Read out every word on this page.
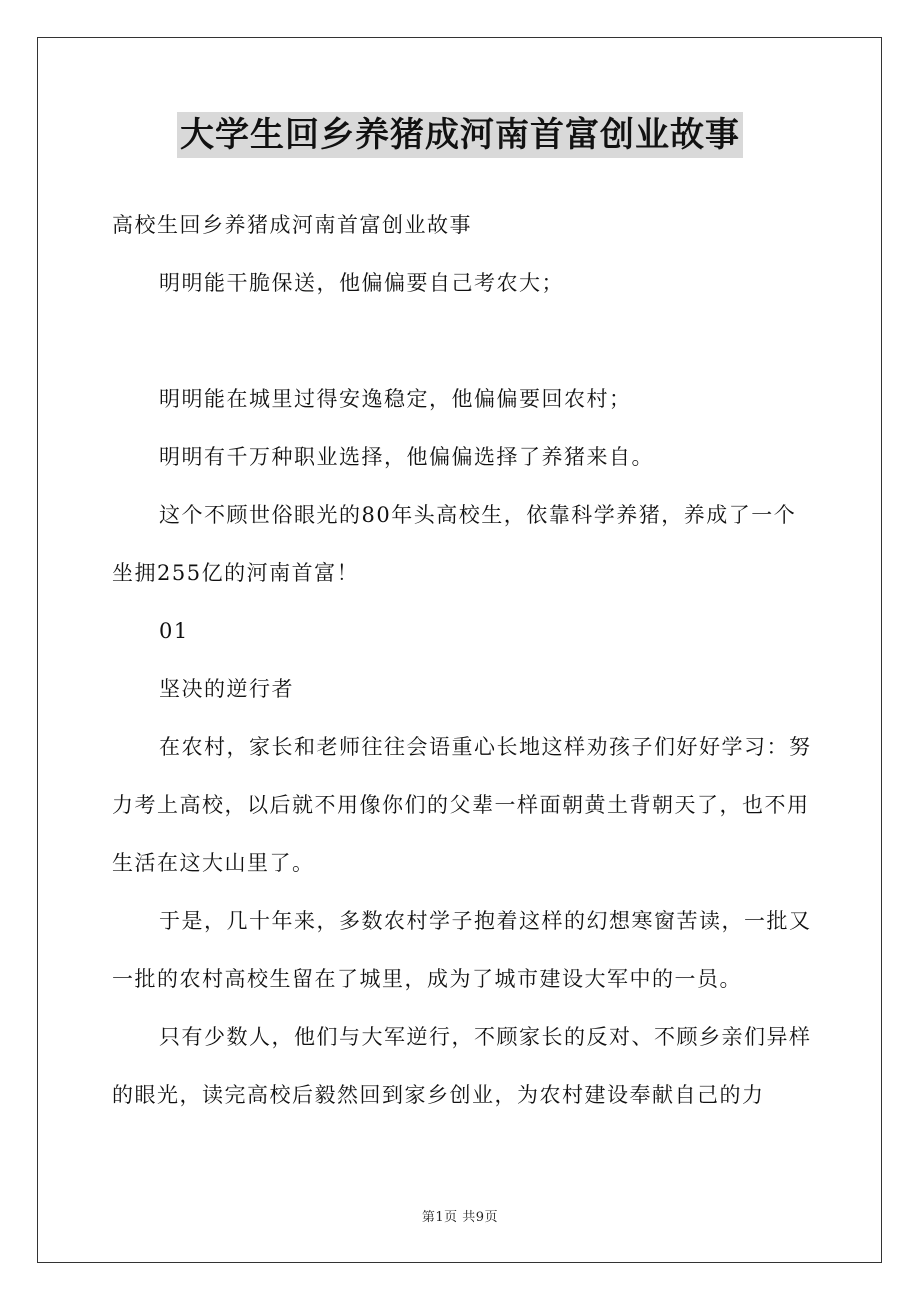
大学生回乡养猪成河南首富创业故事

高校生回乡养猪成河南首富创业故事

明明能干脆保送，他偏偏要自己考农大；

明明能在城里过得安逸稳定，他偏偏要回农村；

明明有千万种职业选择，他偏偏选择了养猪来自。

这个不顾世俗眼光的80年头高校生，依靠科学养猪，养成了一个坐拥255亿的河南首富！

01

坚决的逆行者

在农村，家长和老师往往会语重心长地这样劝孩子们好好学习：努力考上高校，以后就不用像你们的父辈一样面朝黄土背朝天了，也不用生活在这大山里了。

于是，几十年来，多数农村学子抱着这样的幻想寒窗苦读，一批又一批的农村高校生留在了城里，成为了城市建设大军中的一员。

只有少数人，他们与大军逆行，不顾家长的反对、不顾乡亲们异样的眼光，读完高校后毅然回到家乡创业，为农村建设奉献自己的力

第1页 共9页
